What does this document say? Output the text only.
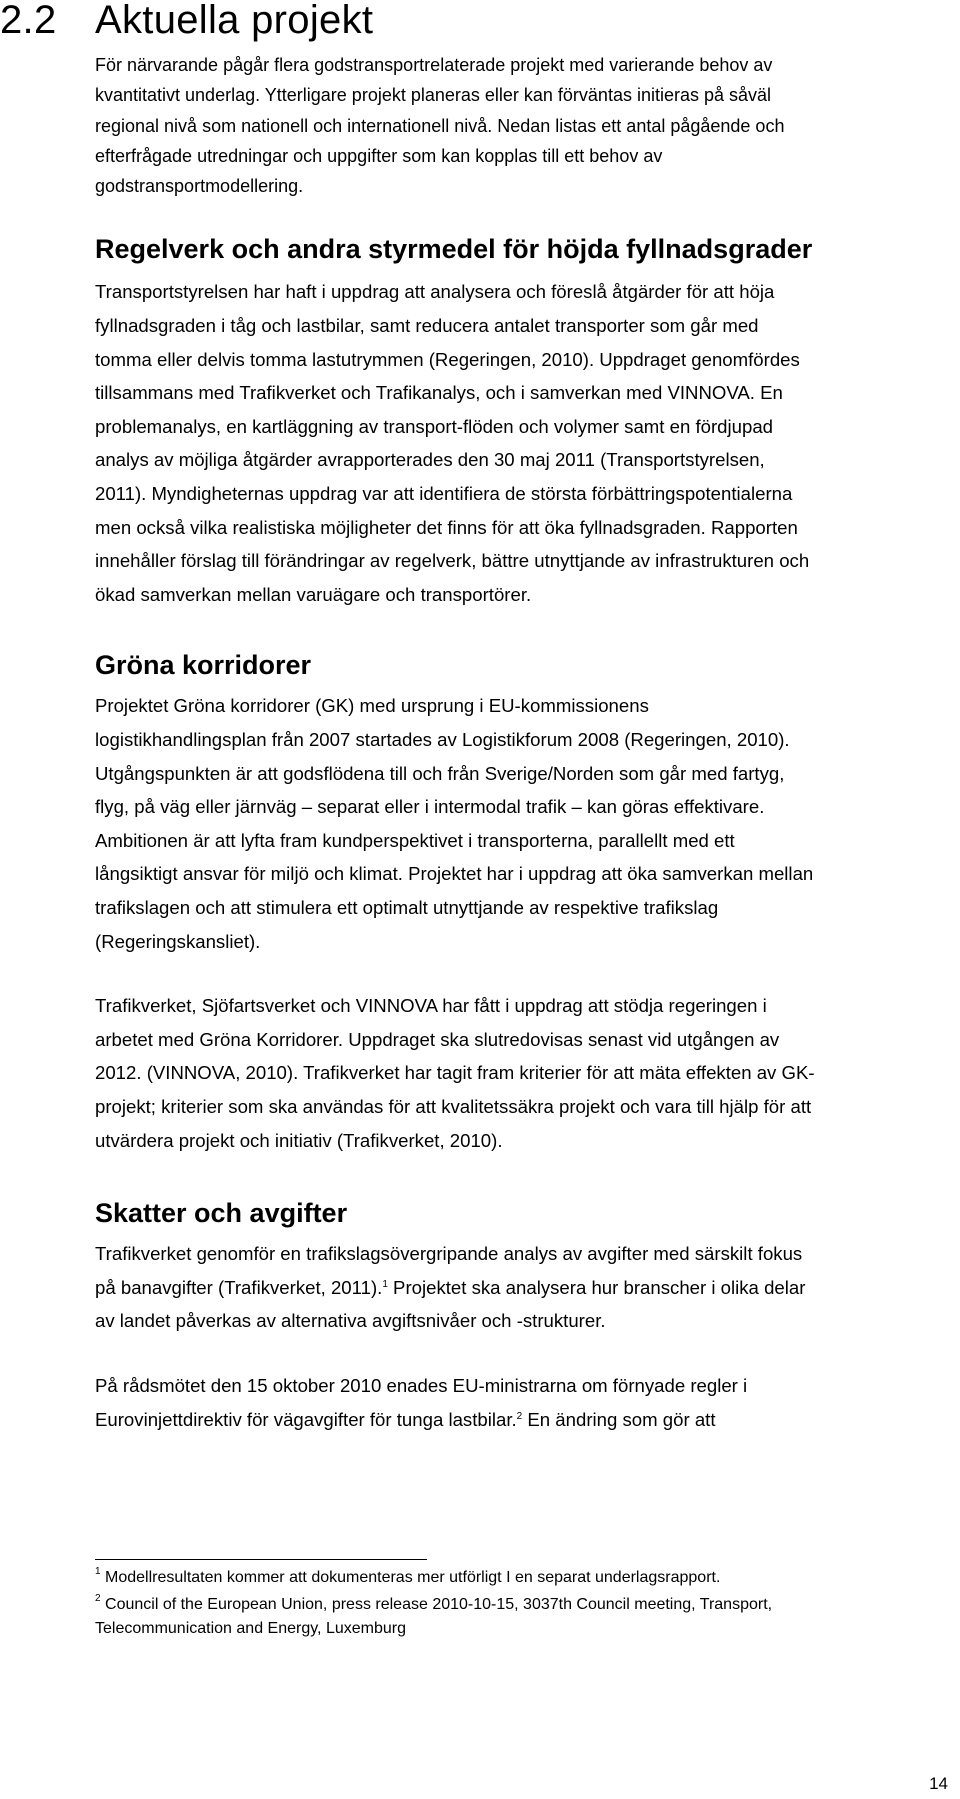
2.2 Aktuella projekt

För närvarande pågår flera godstransportrelaterade projekt med varierande behov av kvantitativt underlag. Ytterligare projekt planeras eller kan förväntas initieras på såväl regional nivå som nationell och internationell nivå. Nedan listas ett antal pågående och efterfrågade utredningar och uppgifter som kan kopplas till ett behov av godstransportmodellering.

Regelverk och andra styrmedel för höjda fyllnadsgrader

Transportstyrelsen har haft i uppdrag att analysera och föreslå åtgärder för att höja fyllnadsgraden i tåg och lastbilar, samt reducera antalet transporter som går med tomma eller delvis tomma lastutrymmen (Regeringen, 2010). Uppdraget genomfördes tillsammans med Trafikverket och Trafikanalys, och i samverkan med VINNOVA. En problemanalys, en kartläggning av transport-flöden och volymer samt en fördjupad analys av möjliga åtgärder avrapporterades den 30 maj 2011 (Transportstyrelsen, 2011). Myndigheternas uppdrag var att identifiera de största förbättringspotentialerna men också vilka realistiska möjligheter det finns för att öka fyllnadsgraden. Rapporten innehåller förslag till förändringar av regelverk, bättre utnyttjande av infrastrukturen och ökad samverkan mellan varuägare och transportörer.

Gröna korridorer

Projektet Gröna korridorer (GK) med ursprung i EU-kommissionens logistikhandlingsplan från 2007 startades av Logistikforum 2008 (Regeringen, 2010). Utgångspunkten är att godsflödena till och från Sverige/Norden som går med fartyg, flyg, på väg eller järnväg – separat eller i intermodal trafik – kan göras effektivare. Ambitionen är att lyfta fram kundperspektivet i transporterna, parallellt med ett långsiktigt ansvar för miljö och klimat. Projektet har i uppdrag att öka samverkan mellan trafikslagen och att stimulera ett optimalt utnyttjande av respektive trafikslag (Regeringskansliet).

Trafikverket, Sjöfartsverket och VINNOVA har fått i uppdrag att stödja regeringen i arbetet med Gröna Korridorer. Uppdraget ska slutredovisas senast vid utgången av 2012. (VINNOVA, 2010). Trafikverket har tagit fram kriterier för att mäta effekten av GK-projekt; kriterier som ska användas för att kvalitetssäkra projekt och vara till hjälp för att utvärdera projekt och initiativ (Trafikverket, 2010).

Skatter och avgifter

Trafikverket genomför en trafikslagsövergripande analys av avgifter med särskilt fokus på banavgifter (Trafikverket, 2011).$^1$ Projektet ska analysera hur branscher i olika delar av landet påverkas av alternativa avgiftsnivåer och -strukturer.

På rådsmötet den 15 oktober 2010 enades EU-ministrarna om förnyade regler i Eurovinjettdirektiv för vägavgifter för tunga lastbilar.$^2$ En ändring som gör att

$^1$ Modellresultaten kommer att dokumenteras mer utförligt I en separat underlagsrapport.

$^2$ Council of the European Union, press release 2010-10-15, 3037th Council meeting, Transport, Telecommunication and Energy, Luxemburg

14
